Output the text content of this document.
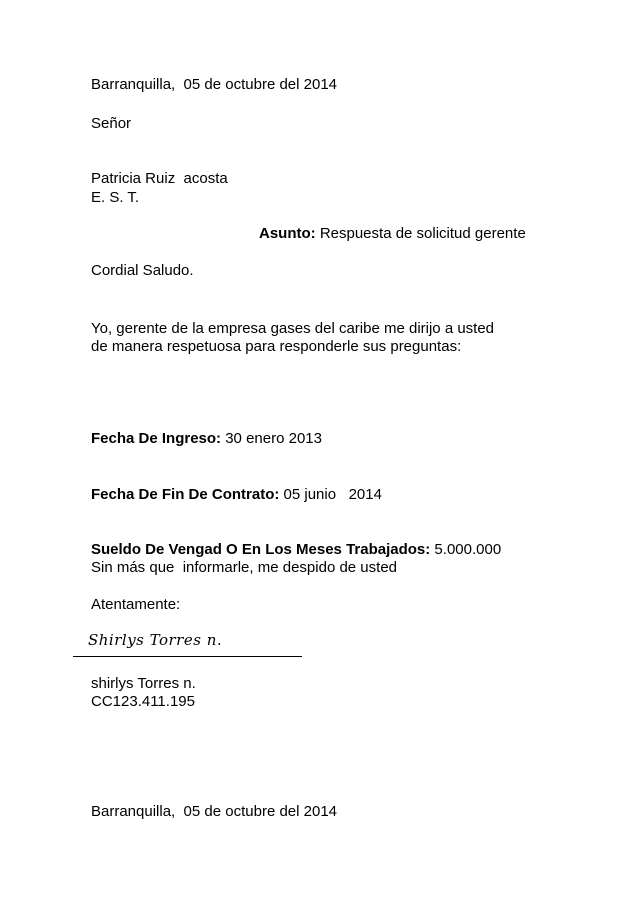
Barranquilla,  05 de octubre del 2014
Señor
Patricia Ruiz  acosta
E. S. T.
Asunto: Respuesta de solicitud gerente
Cordial Saludo.
Yo, gerente de la empresa gases del caribe me dirijo a usted
de manera respetuosa para responderle sus preguntas:
Fecha De Ingreso: 30 enero 2013
Fecha De Fin De Contrato: 05 junio   2014
Sueldo De Vengad O En Los Meses Trabajados: 5.000.000
Sin más que  informarle, me despido de usted
Atentamente:
Shirlys Torres n.
shirlys Torres n.
CC123.411.195
Barranquilla,  05 de octubre del 2014
